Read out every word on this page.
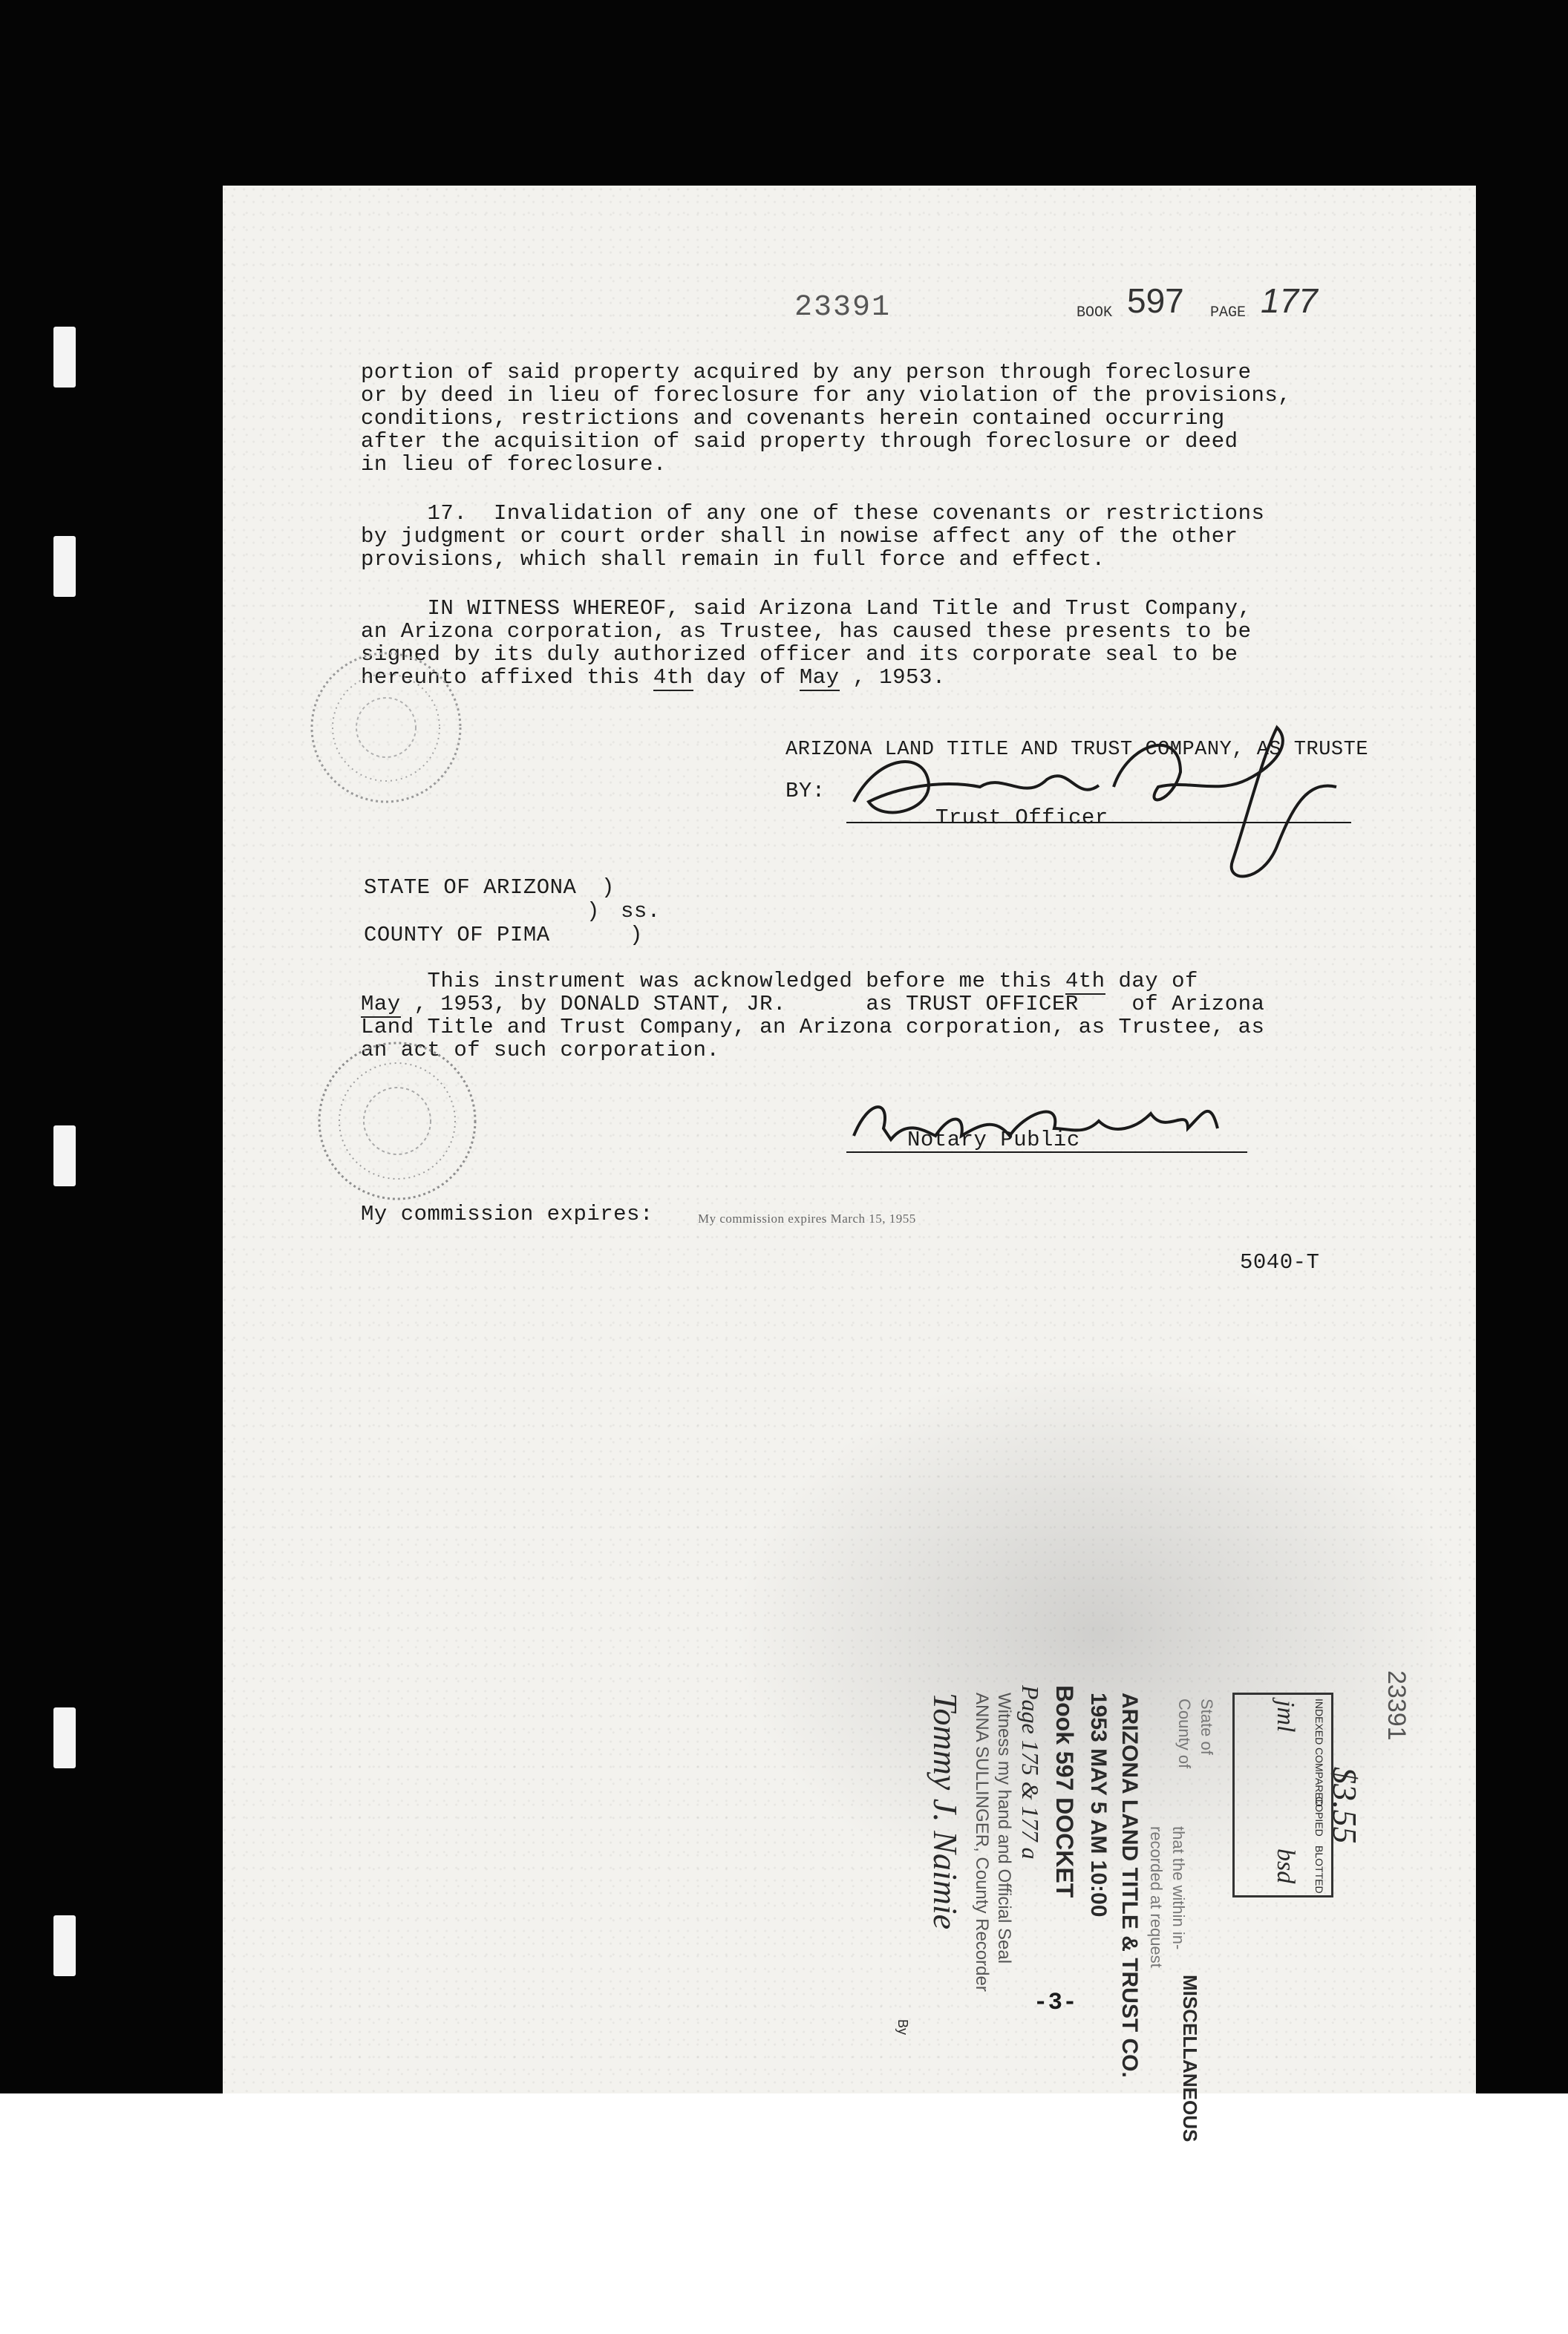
23391	BOOK 597 PAGE 177
portion of said property acquired by any person through foreclosure
or by deed in lieu of foreclosure for any violation of the provisions,
conditions, restrictions and covenants herein contained occurring
after the acquisition of said property through foreclosure or deed
in lieu of foreclosure.
17.  Invalidation of any one of these covenants or restrictions
by judgment or court order shall in nowise affect any of the other
provisions, which shall remain in full force and effect.
IN WITNESS WHEREOF, said Arizona Land Title and Trust Company,
an Arizona corporation, as Trustee, has caused these presents to be
signed by its duly authorized officer and its corporate seal to be
hereunto affixed this 4th day of May , 1953.
ARIZONA LAND TITLE AND TRUST COMPANY, AS TRUSTE
BY:
Trust Officer
STATE OF ARIZONA )
) ss.
COUNTY OF PIMA	)
This instrument was acknowledged before me this 4th day of
May , 1953, by DONALD STANT, JR.      as TRUST OFFICER    of Arizona
Land Title and Trust Company, an Arizona corporation, as Trustee, as
an act of such corporation.
Notary Public
My commission expires:	My commission expires March 15, 1955
5040-T
23391
$3.55
INDEXED
COMPARED
COPIED
BLOTTED
jml
bsd
State of
County of
that the within in-
recorded at request
MISCELLANEOUS
ARIZONA LAND TITLE & TRUST CO.
1953 MAY 5 AM 10:00
Book 597 DOCKET
Page 175 & 177 a
Witness my hand and Official Seal
ANNA SULLINGER, County Recorder
Tommy J. Naimie
By
-3-
